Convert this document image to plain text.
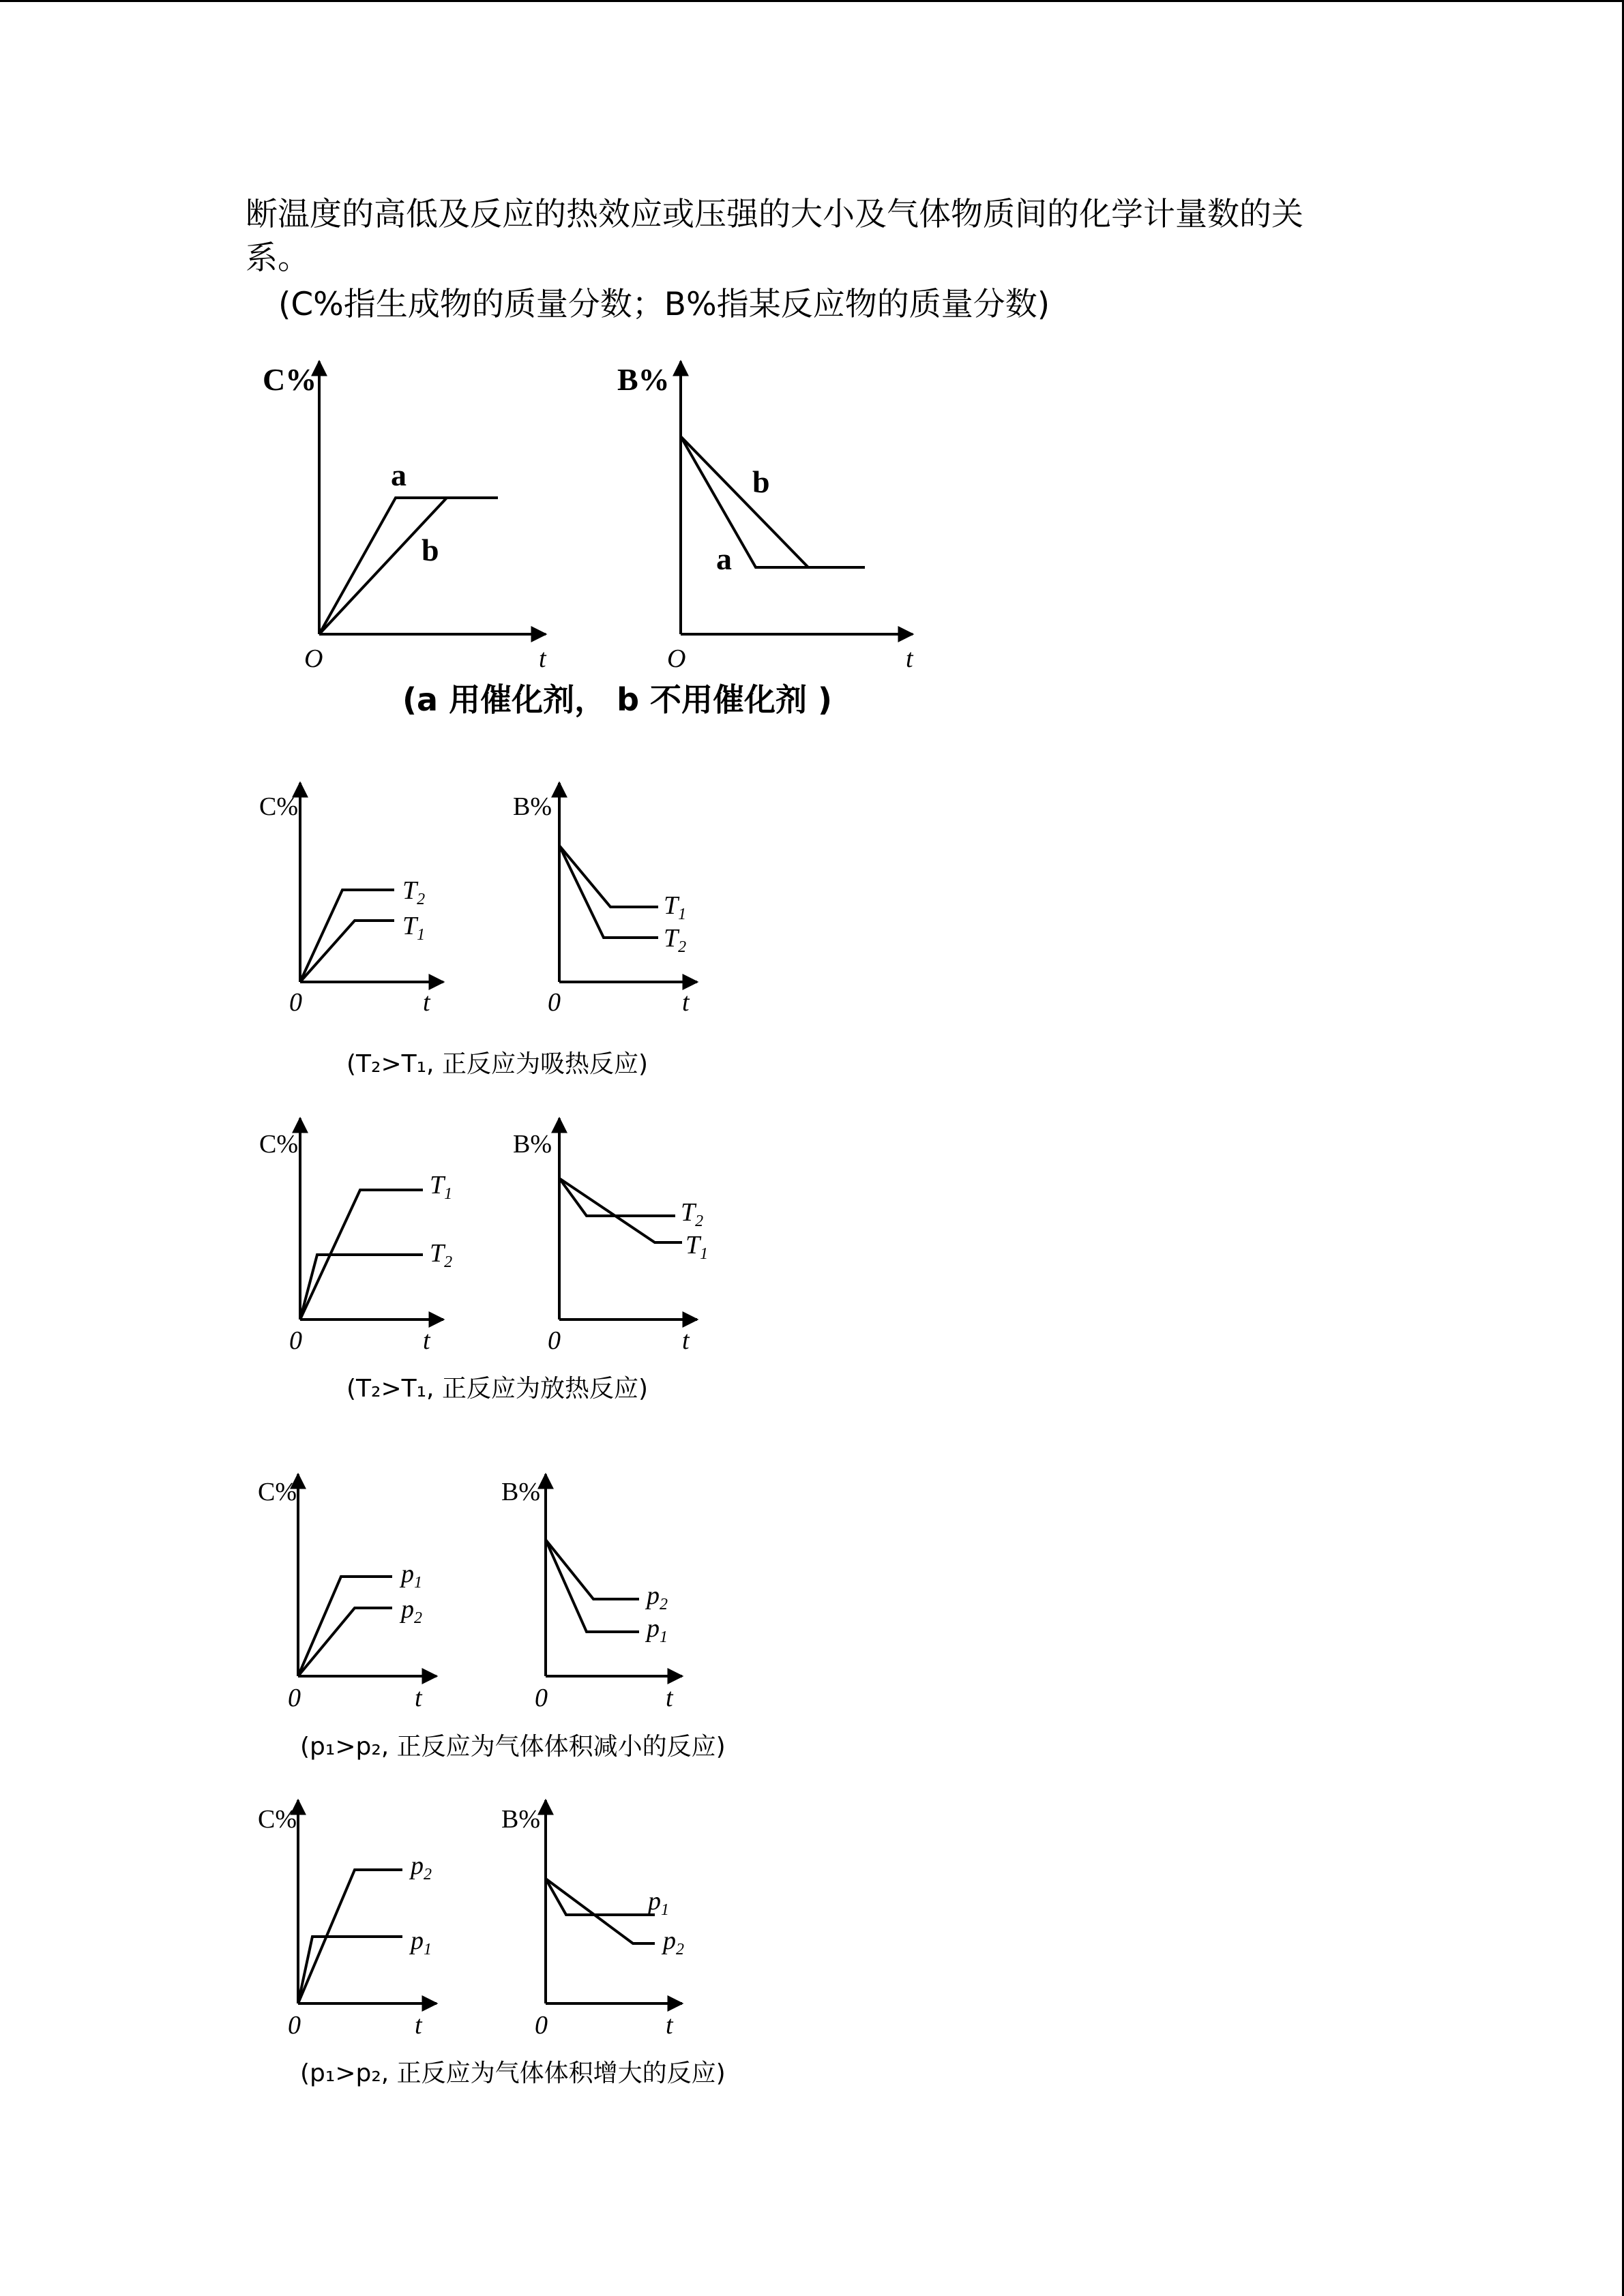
断温度的高低及反应的热效应或压强的大小及气体物质间的化学计量数的关
系。
(C%指生成物的质量分数；B%指某反应物的质量分数)
C%
O	t
a
b
B%
O	t
b
a
(a 用催化剂， b 不用催化剂 )
C%
0	t
$T_2$
$T_1$
B%
0	t
$T_1$
$T_2$
(T₂>T₁, 正反应为吸热反应)
C%
0	t
$T_1$
$T_2$
B%
0	t
$T_2$
$T_1$
(T₂>T₁, 正反应为放热反应)
C%
0	t
$p_1$
$p_2$
B%
0	t
$p_2$
$p_1$
(p₁>p₂, 正反应为气体体积减小的反应)
C%
0	t
$p_2$
$p_1$
B%
0	t
$p_1$
$p_2$
(p₁>p₂, 正反应为气体体积增大的反应)
